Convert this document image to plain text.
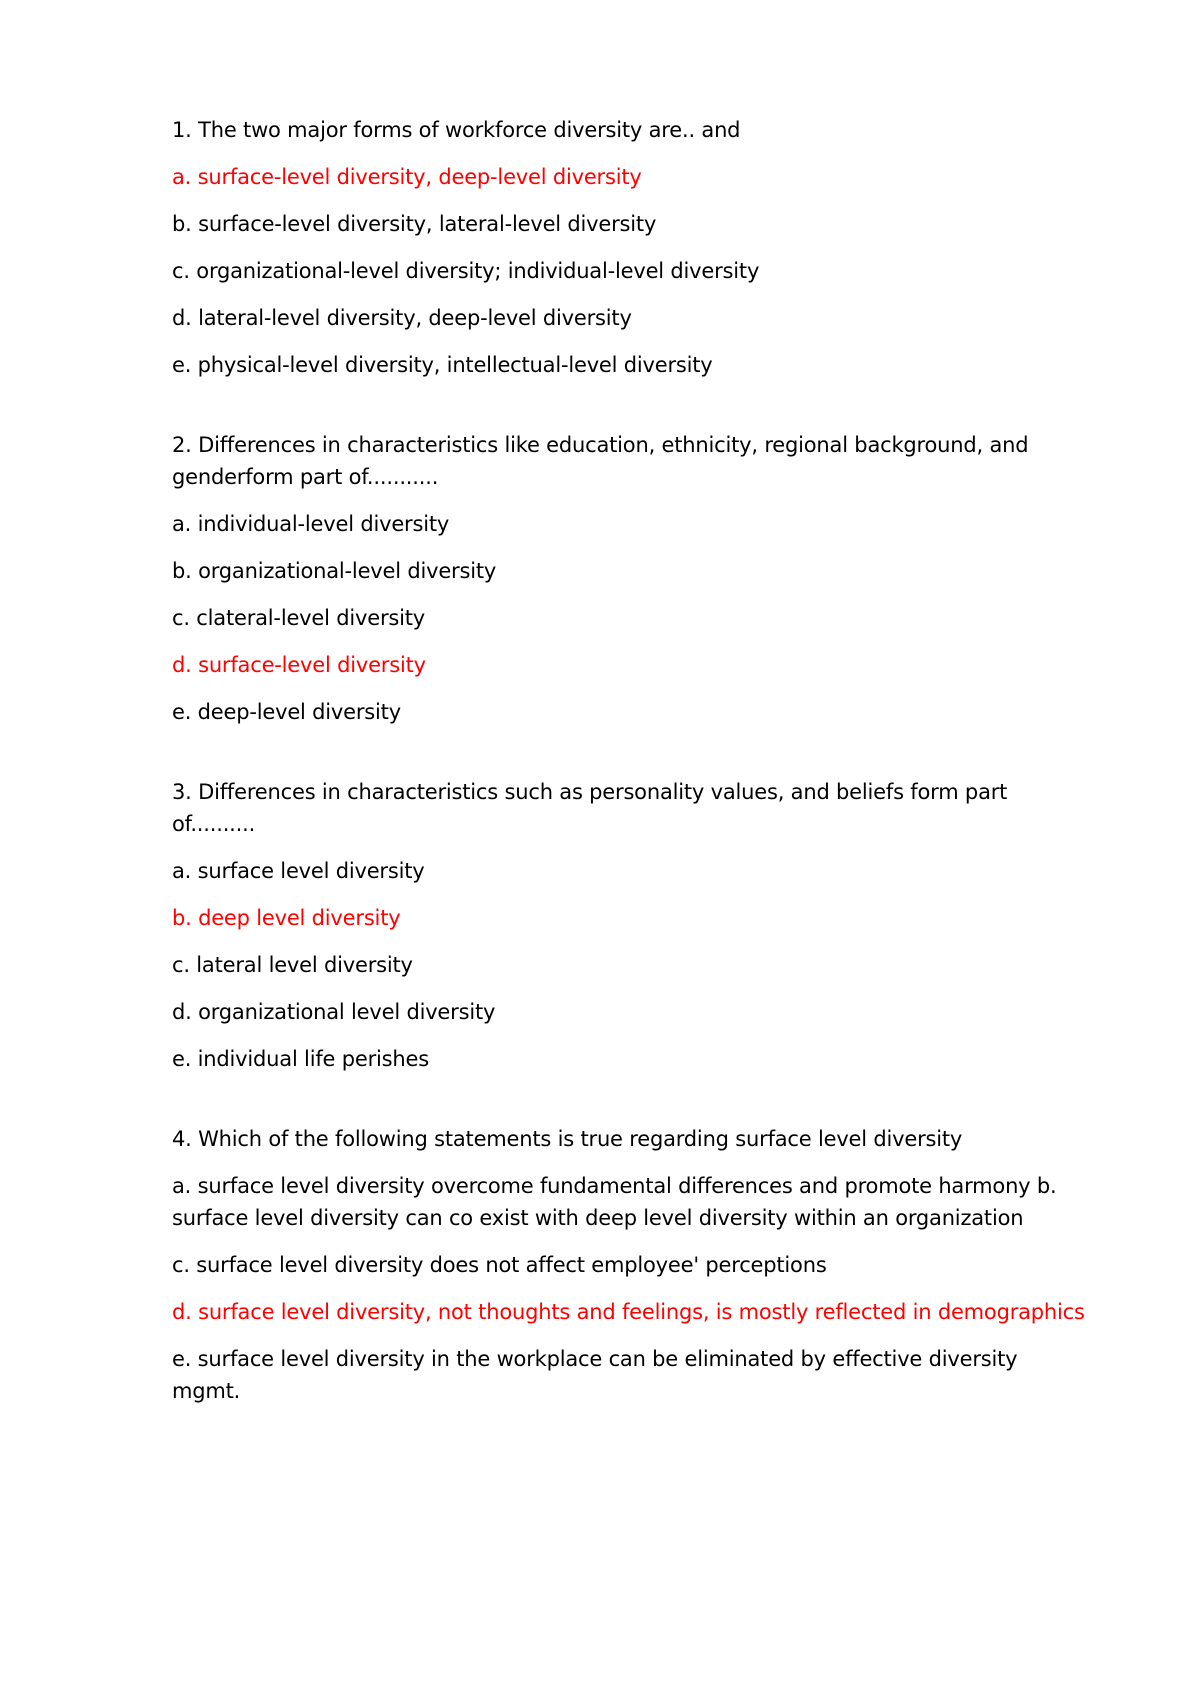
1. The two major forms of workforce diversity are.. and

a. surface-level diversity, deep-level diversity

b. surface-level diversity, lateral-level diversity

c. organizational-level diversity; individual-level diversity

d. lateral-level diversity, deep-level diversity

e. physical-level diversity, intellectual-level diversity

2. Differences in characteristics like education, ethnicity, regional background, and genderform part of...........

a. individual-level diversity

b. organizational-level diversity

c. clateral-level diversity

d. surface-level diversity

e. deep-level diversity

3. Differences in characteristics such as personality values, and beliefs form part of..........

a. surface level diversity

b. deep level diversity

c. lateral level diversity

d. organizational level diversity

e. individual life perishes

4. Which of the following statements is true regarding surface level diversity

a. surface level diversity overcome fundamental differences and promote harmony b. surface level diversity can co exist with deep level diversity within an organization

c. surface level diversity does not affect employee' perceptions

d. surface level diversity, not thoughts and feelings, is mostly reflected in demographics

e. surface level diversity in the workplace can be eliminated by effective diversity mgmt.
